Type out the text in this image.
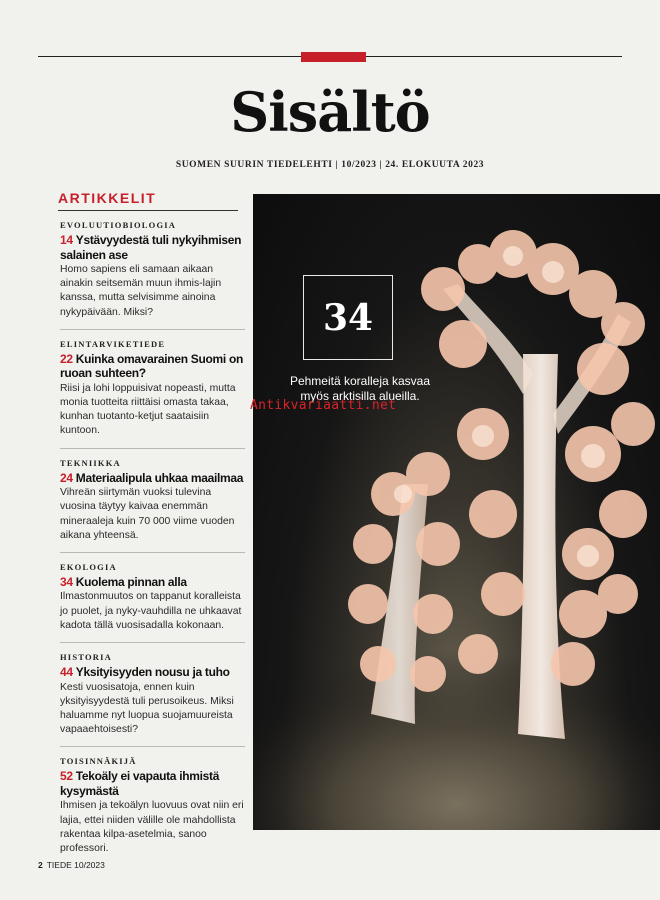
Sisältö
SUOMEN SUURIN TIEDELEHTI | 10/2023 | 24. ELOKUUTA 2023
ARTIKKELIT
EVOLUUTIOBIOLOGIA
14 Ystävyydestä tuli nykyihmisen salainen ase
Homo sapiens eli samaan aikaan ainakin seitsemän muun ihmis-lajin kanssa, mutta selvisimme ainoina nykypäivään. Miksi?
ELINTARVIKETIEDE
22 Kuinka omavarainen Suomi on ruoan suhteen?
Riisi ja lohi loppuisivat nopeasti, mutta monia tuotteita riittäisi omasta takaa, kunhan tuotanto-ketjut saataisiin kuntoon.
TEKNIIKKA
24 Materiaalipula uhkaa maailmaa
Vihreän siirtymän vuoksi tulevina vuosina täytyy kaivaa enemmän mineraaleja kuin 70 000 viime vuoden aikana yhteensä.
EKOLOGIA
34 Kuolema pinnan alla
Ilmastonmuutos on tappanut koralleista jo puolet, ja nyky-vauhdilla ne uhkaavat kadota tällä vuosisadalla kokonaan.
HISTORIA
44 Yksityisyyden nousu ja tuho
Kesti vuosisatoja, ennen kuin yksityisyydestä tuli perusoikeus. Miksi haluamme nyt luopua suojamuureista vapaaehtoisesti?
TOISINNÄKIJÄ
52 Tekoäly ei vapauta ihmistä kysymästä
Ihmisen ja tekoälyn luovuus ovat niin eri lajia, ettei niiden välille ole mahdollista rakentaa kilpa-asetelmia, sanoo professori.
34
Pehmeitä koralleja kasvaa myös arktisilla alueilla.
Antikvariaatti.net
2 TIEDE 10/2023
